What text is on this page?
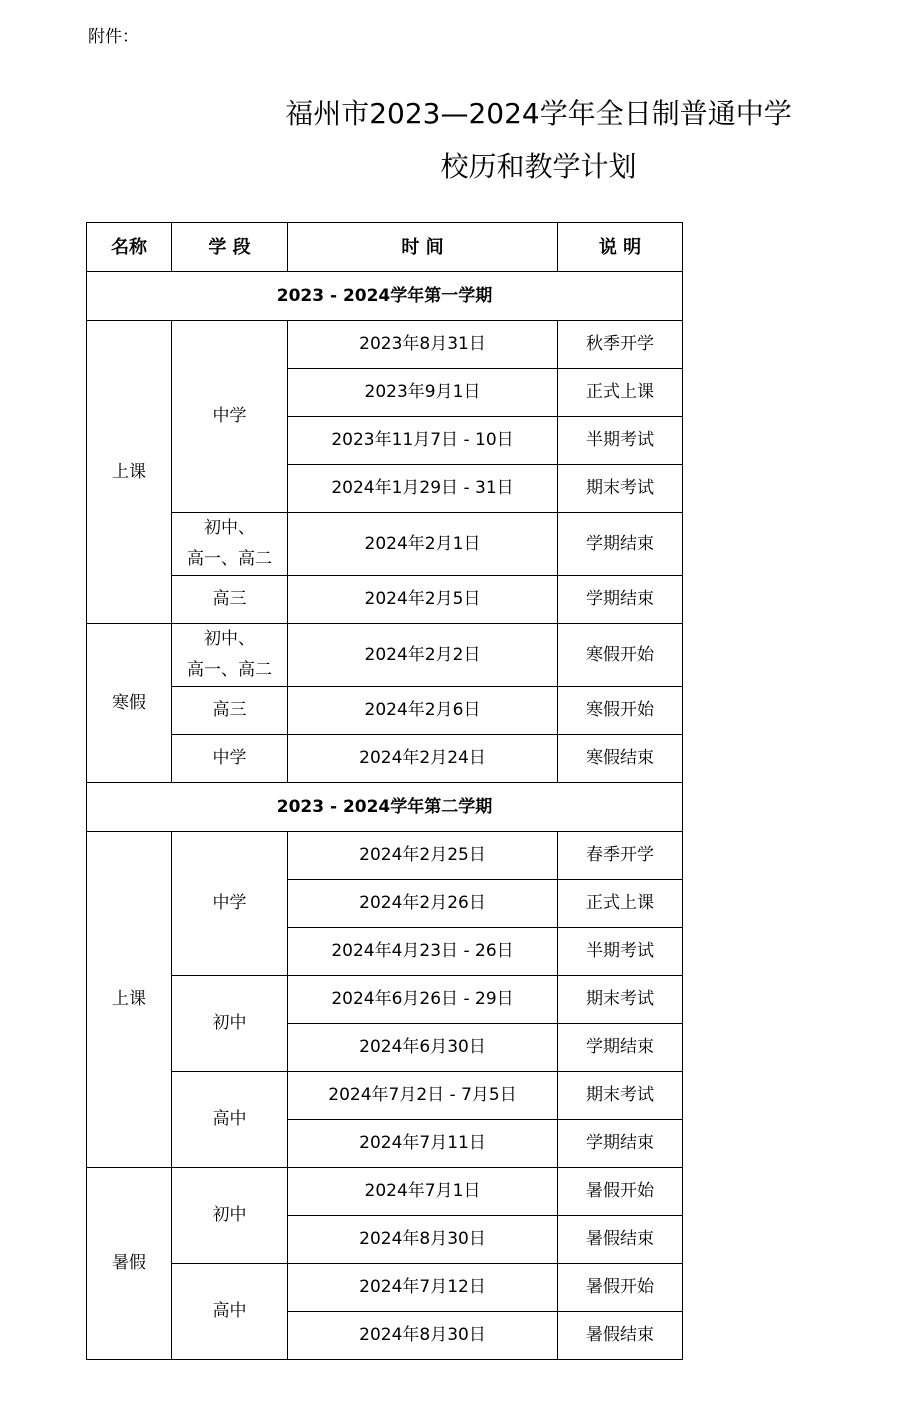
附件：
福州市2023—2024学年全日制普通中学
校历和教学计划
名称	学 段	时 间	说 明
2023 - 2024学年第一学期			
上课	中学	2023年8月31日	秋季开学
		2023年9月1日	正式上课
		2023年11月7日 - 10日	半期考试
		2024年1月29日 - 31日	期末考试

	初中、
高一、高二	2024年2月1日	学期结束
	高三	2024年2月5日	学期结束
寒假	初中、
高一、高二	2024年2月2日	寒假开始
	高三	2024年2月6日	寒假开始
	中学	2024年2月24日	寒假结束
2023 - 2024学年第二学期			
上课	中学	2024年2月25日	春季开学
		2024年2月26日	正式上课
		2024年4月23日 - 26日	半期考试
	初中	2024年6月26日 - 29日	期末考试
		2024年6月30日	学期结束
	高中	2024年7月2日 - 7月5日	期末考试
		2024年7月11日	学期结束
暑假	初中	2024年7月1日	暑假开始
		2024年8月30日	暑假结束
	高中	2024年7月12日	暑假开始
		2024年8月30日	暑假结束
